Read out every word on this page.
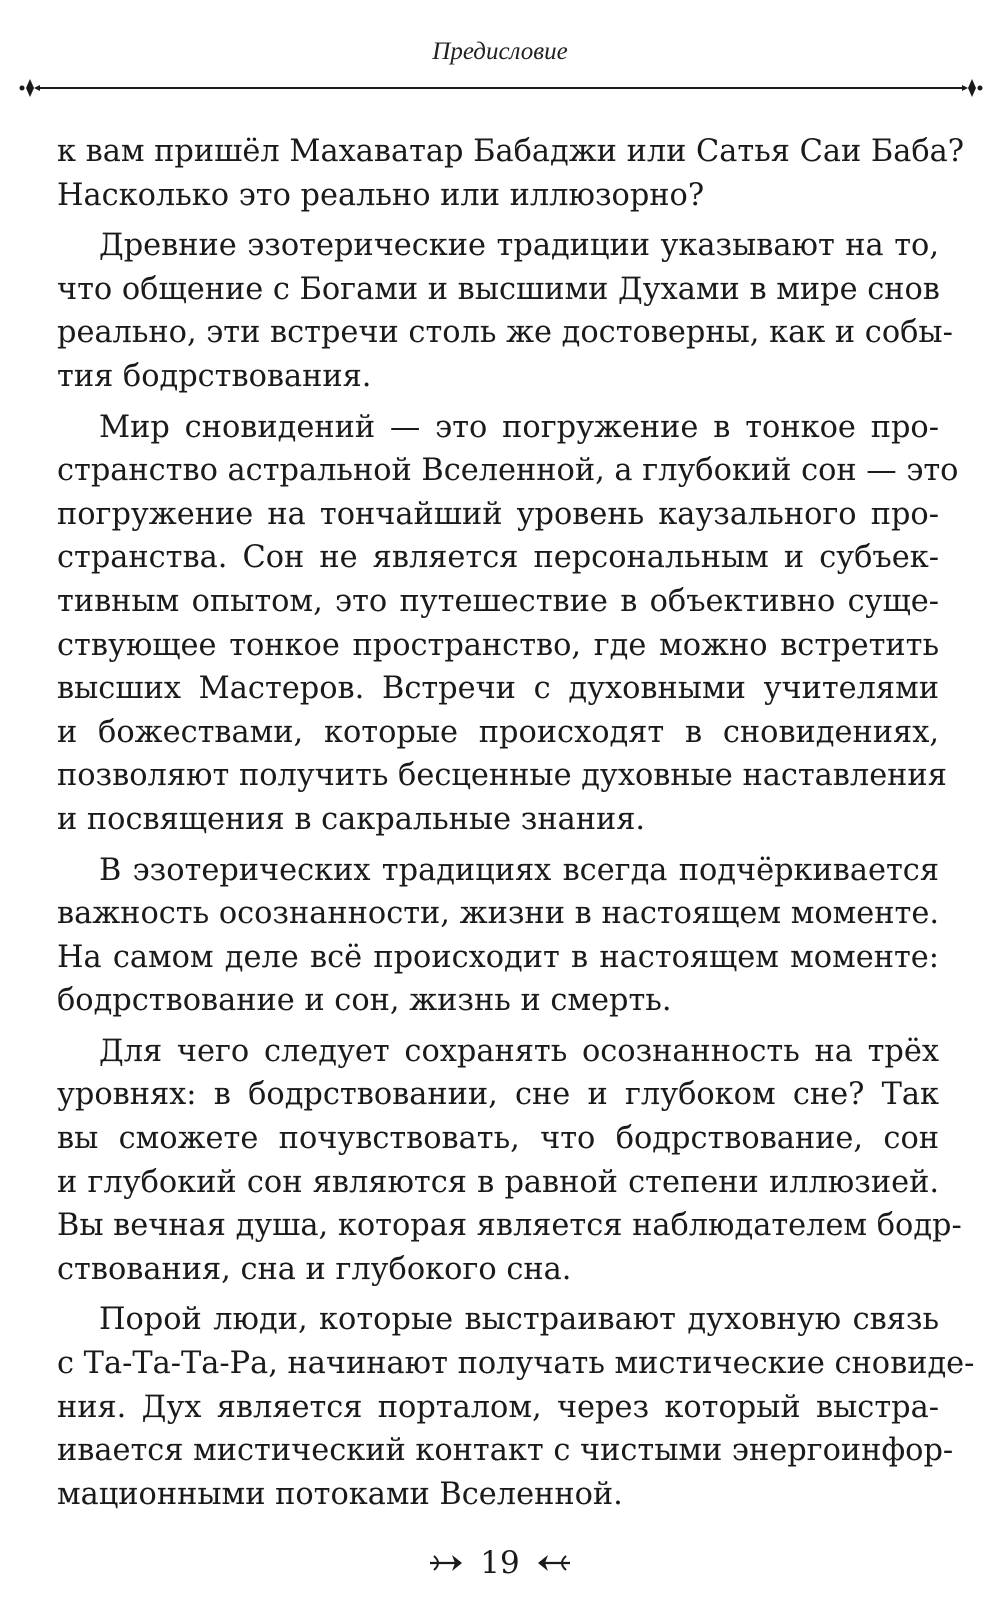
Предисловие
к вам пришёл Махаватар Бабаджи или Сатья Саи Баба?
Насколько это реально или иллюзорно?
Древние эзотерические традиции указывают на то,
что общение с Богами и высшими Духами в мире снов
реально, эти встречи столь же достоверны, как и собы-
тия бодрствования.
Мир сновидений — это погружение в тонкое про-
странство астральной Вселенной, а глубокий сон — это
погружение на тончайший уровень каузального про-
странства. Сон не является персональным и субъек-
тивным опытом, это путешествие в объективно суще-
ствующее тонкое пространство, где можно встретить
высших Мастеров. Встречи с духовными учителями
и божествами, которые происходят в сновидениях,
позволяют получить бесценные духовные наставления
и посвящения в сакральные знания.
В эзотерических традициях всегда подчёркивается
важность осознанности, жизни в настоящем моменте.
На самом деле всё происходит в настоящем моменте:
бодрствование и сон, жизнь и смерть.
Для чего следует сохранять осознанность на трёх
уровнях: в бодрствовании, сне и глубоком сне? Так
вы сможете почувствовать, что бодрствование, сон
и глубокий сон являются в равной степени иллюзией.
Вы вечная душа, которая является наблюдателем бодр-
ствования, сна и глубокого сна.
Порой люди, которые выстраивают духовную связь
с Та-Та-Та-Ра, начинают получать мистические сновиде-
ния. Дух является порталом, через который выстра-
ивается мистический контакт с чистыми энергоинфор-
мационными потоками Вселенной.
19
